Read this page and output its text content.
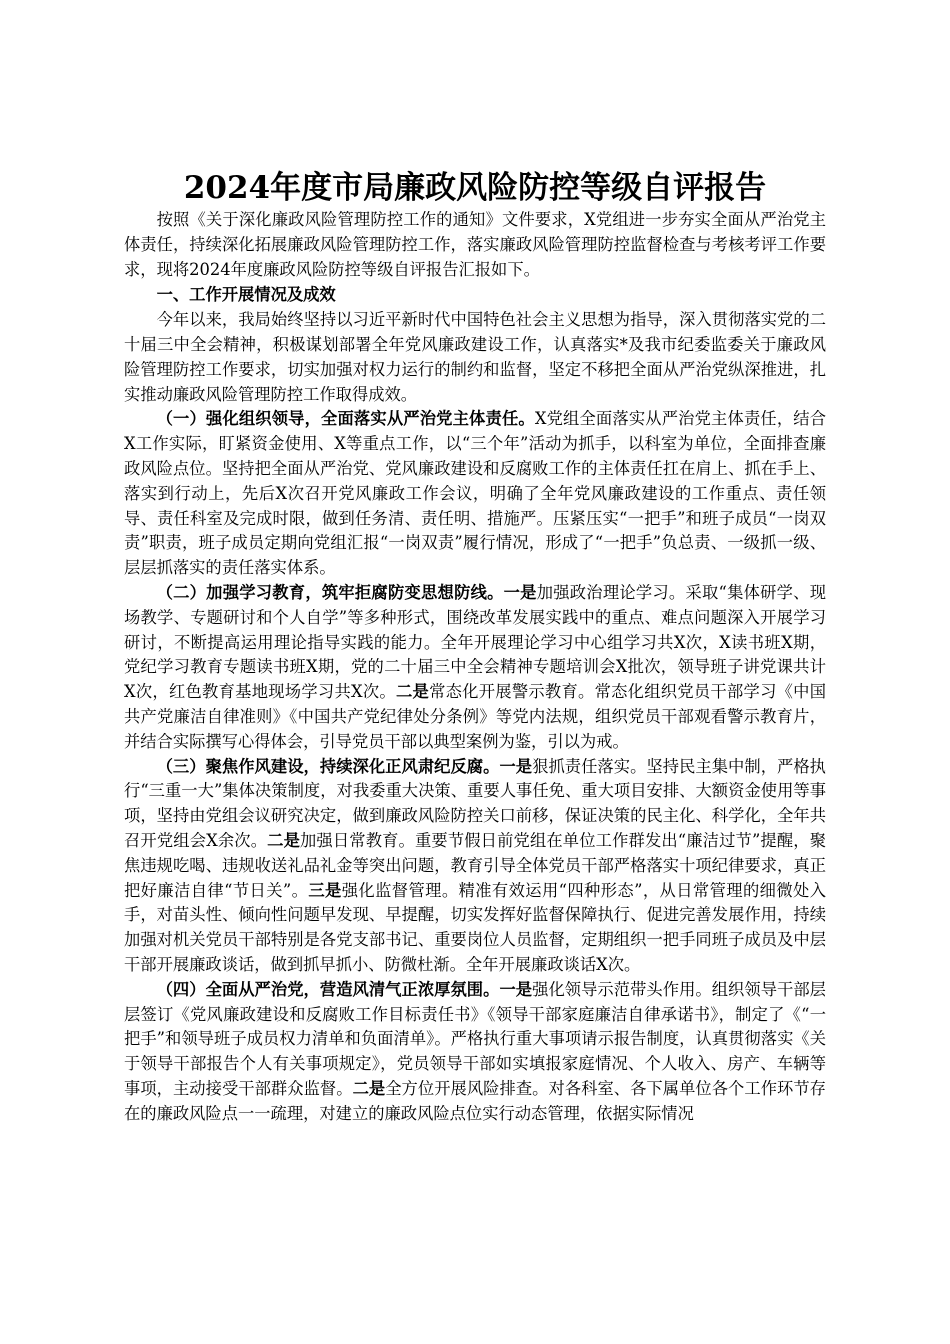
2024年度市局廉政风险防控等级自评报告

按照《关于深化廉政风险管理防控工作的通知》文件要求，X党组进一步夯实全面从严治党主体责任，持续深化拓展廉政风险管理防控工作，落实廉政风险管理防控监督检查与考核考评工作要求，现将2024年度廉政风险防控等级自评报告汇报如下。

一、工作开展情况及成效

今年以来，我局始终坚持以习近平新时代中国特色社会主义思想为指导，深入贯彻落实党的二十届三中全会精神，积极谋划部署全年党风廉政建设工作，认真落实*及我市纪委监委关于廉政风险管理防控工作要求，切实加强对权力运行的制约和监督，坚定不移把全面从严治党纵深推进，扎实推动廉政风险管理防控工作取得成效。

（一）强化组织领导，全面落实从严治党主体责任。X党组全面落实从严治党主体责任，结合X工作实际，盯紧资金使用、X等重点工作，以“三个年”活动为抓手，以科室为单位，全面排查廉政风险点位。坚持把全面从严治党、党风廉政建设和反腐败工作的主体责任扛在肩上、抓在手上、落实到行动上，先后X次召开党风廉政工作会议，明确了全年党风廉政建设的工作重点、责任领导、责任科室及完成时限，做到任务清、责任明、措施严。压紧压实“一把手”和班子成员“一岗双责”职责，班子成员定期向党组汇报“一岗双责”履行情况，形成了“一把手”负总责、一级抓一级、层层抓落实的责任落实体系。

（二）加强学习教育，筑牢拒腐防变思想防线。一是加强政治理论学习。采取“集体研学、现场教学、专题研讨和个人自学”等多种形式，围绕改革发展实践中的重点、难点问题深入开展学习研讨，不断提高运用理论指导实践的能力。全年开展理论学习中心组学习共X次，X读书班X期，党纪学习教育专题读书班X期，党的二十届三中全会精神专题培训会X批次，领导班子讲党课共计X次，红色教育基地现场学习共X次。二是常态化开展警示教育。常态化组织党员干部学习《中国共产党廉洁自律准则》《中国共产党纪律处分条例》等党内法规，组织党员干部观看警示教育片，并结合实际撰写心得体会，引导党员干部以典型案例为鉴，引以为戒。

（三）聚焦作风建设，持续深化正风肃纪反腐。一是狠抓责任落实。坚持民主集中制，严格执行“三重一大”集体决策制度，对我委重大决策、重要人事任免、重大项目安排、大额资金使用等事项，坚持由党组会议研究决定，做到廉政风险防控关口前移，保证决策的民主化、科学化，全年共召开党组会X余次。二是加强日常教育。重要节假日前党组在单位工作群发出“廉洁过节”提醒，聚焦违规吃喝、违规收送礼品礼金等突出问题，教育引导全体党员干部严格落实十项纪律要求，真正把好廉洁自律“节日关”。三是强化监督管理。精准有效运用“四种形态”，从日常管理的细微处入手，对苗头性、倾向性问题早发现、早提醒，切实发挥好监督保障执行、促进完善发展作用，持续加强对机关党员干部特别是各党支部书记、重要岗位人员监督，定期组织一把手同班子成员及中层干部开展廉政谈话，做到抓早抓小、防微杜渐。全年开展廉政谈话X次。

（四）全面从严治党，营造风清气正浓厚氛围。一是强化领导示范带头作用。组织领导干部层层签订《党风廉政建设和反腐败工作目标责任书》《领导干部家庭廉洁自律承诺书》，制定了《“一把手”和领导班子成员权力清单和负面清单》。严格执行重大事项请示报告制度，认真贯彻落实《关于领导干部报告个人有关事项规定》，党员领导干部如实填报家庭情况、个人收入、房产、车辆等事项，主动接受干部群众监督。二是全方位开展风险排查。对各科室、各下属单位各个工作环节存在的廉政风险点一一疏理，对建立的廉政风险点位实行动态管理，依据实际情况
